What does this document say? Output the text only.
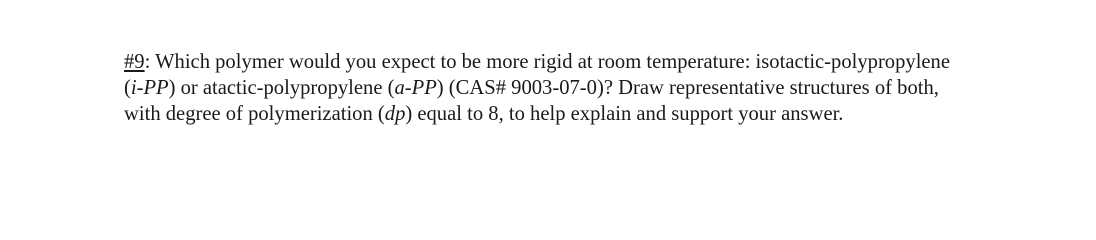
#9: Which polymer would you expect to be more rigid at room temperature: isotactic-polypropylene
(i-PP) or atactic-polypropylene (a-PP) (CAS# 9003-07-0)? Draw representative structures of both,
with degree of polymerization (dp) equal to 8, to help explain and support your answer.
